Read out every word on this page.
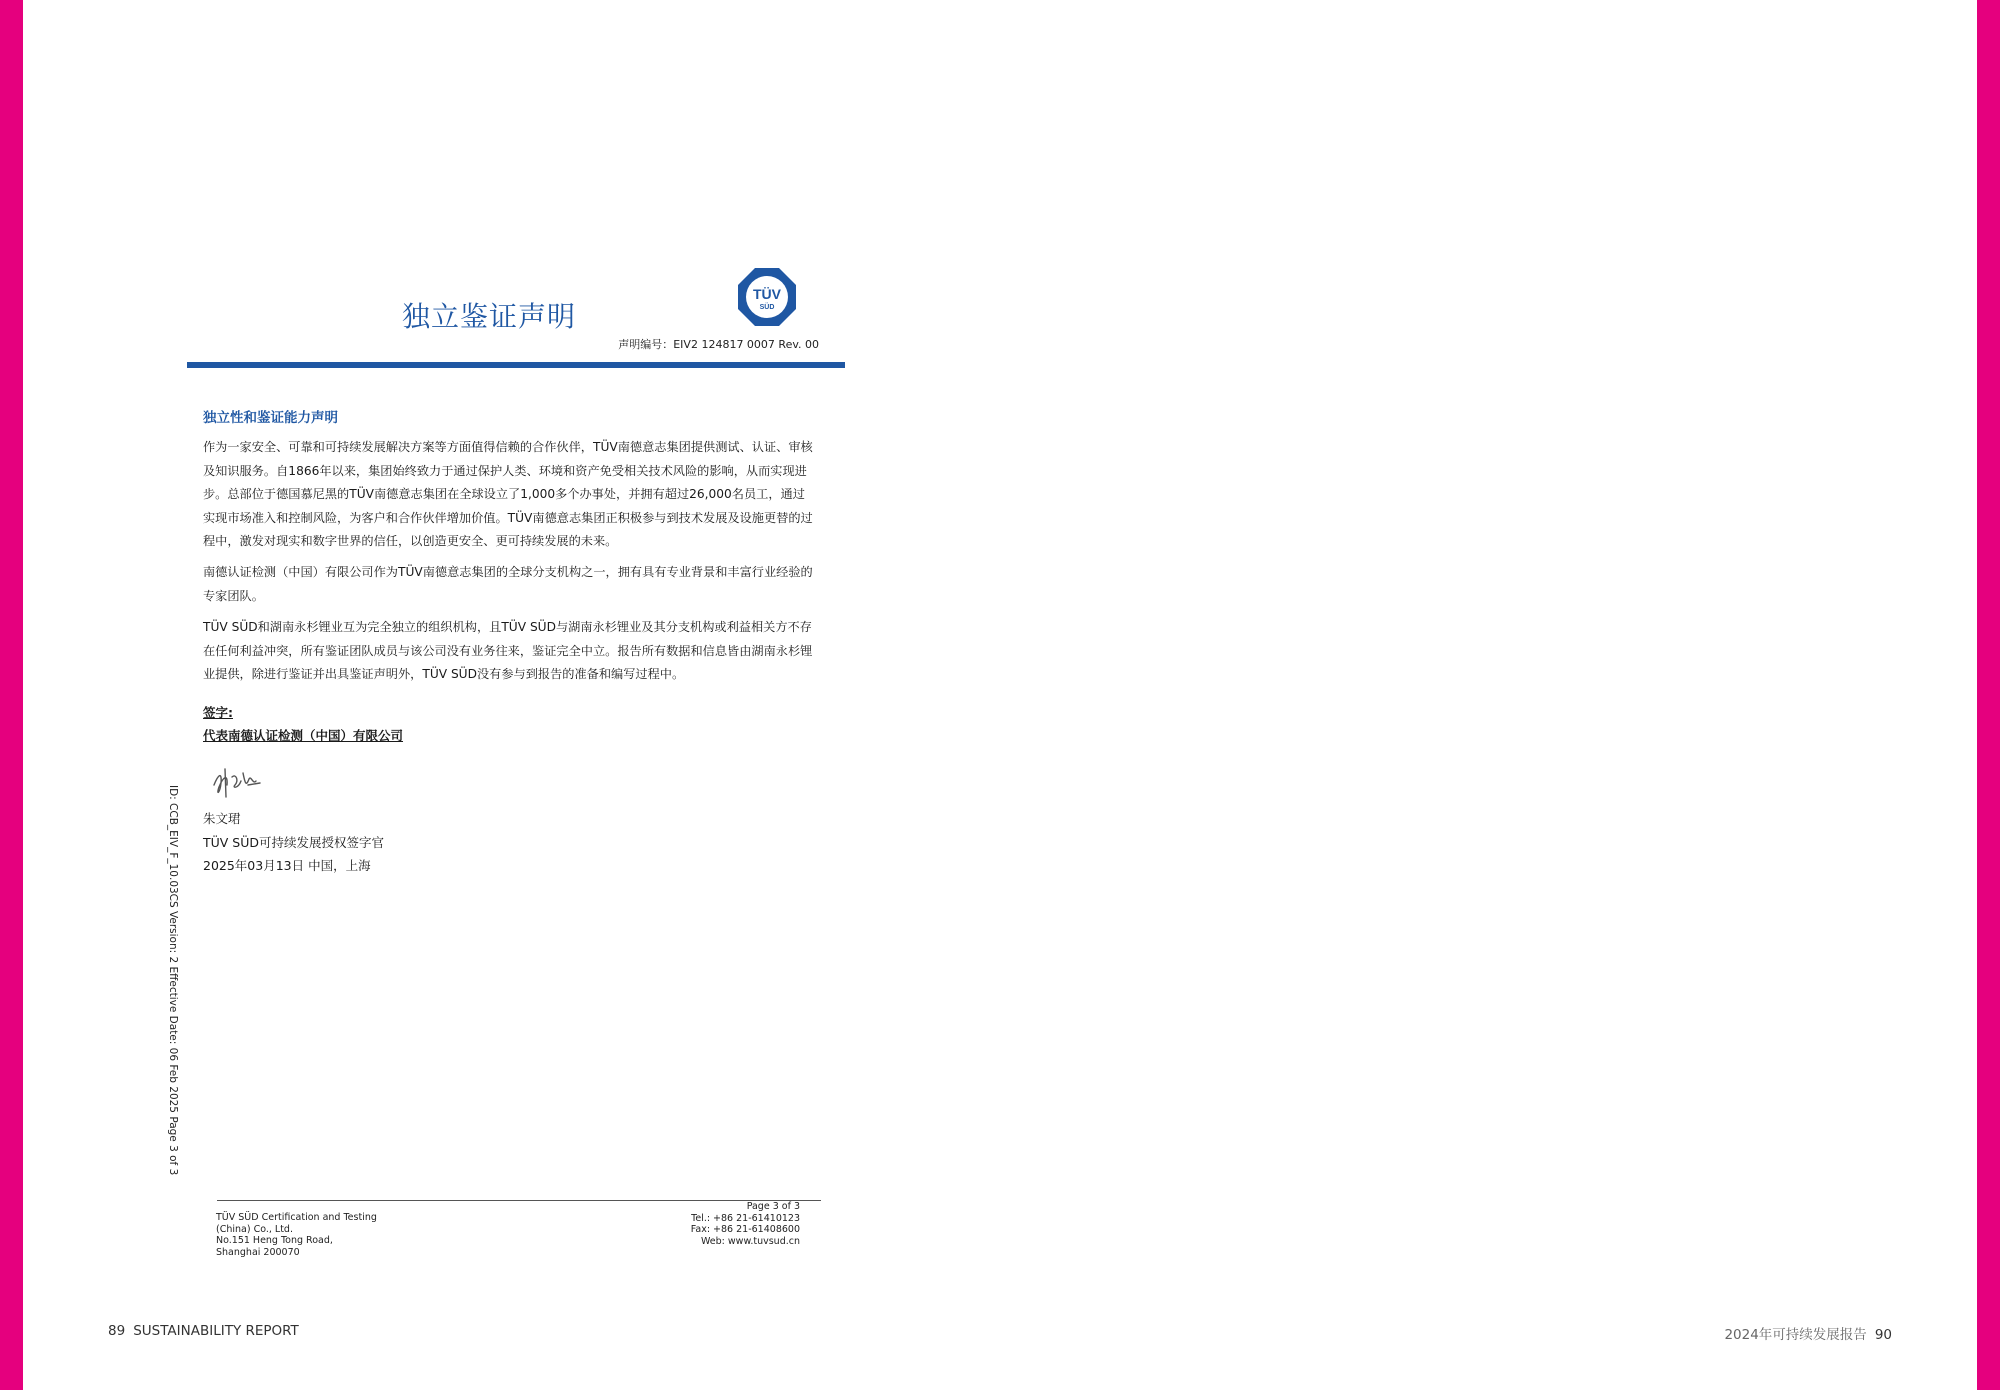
独立鉴证声明
TÜV
SÜD
声明编号：EIV2 124817 0007 Rev. 00
独立性和鉴证能力声明
作为一家安全、可靠和可持续发展解决方案等方面值得信赖的合作伙伴，TÜV南德意志集团提供测试、认证、审核及知识服务。自1866年以来，集团始终致力于通过保护人类、环境和资产免受相关技术风险的影响，从而实现进步。总部位于德国慕尼黑的TÜV南德意志集团在全球设立了1,000多个办事处，并拥有超过26,000名员工，通过实现市场准入和控制风险，为客户和合作伙伴增加价值。TÜV南德意志集团正积极参与到技术发展及设施更替的过程中，激发对现实和数字世界的信任，以创造更安全、更可持续发展的未来。
南德认证检测（中国）有限公司作为TÜV南德意志集团的全球分支机构之一，拥有具有专业背景和丰富行业经验的专家团队。
TÜV SÜD和湖南永杉锂业互为完全独立的组织机构，且TÜV SÜD与湖南永杉锂业及其分支机构或利益相关方不存在任何利益冲突，所有鉴证团队成员与该公司没有业务往来，鉴证完全中立。报告所有数据和信息皆由湖南永杉锂业提供，除进行鉴证并出具鉴证声明外，TÜV SÜD没有参与到报告的准备和编写过程中。
签字:
代表南德认证检测（中国）有限公司
朱文珺
TÜV SÜD可持续发展授权签字官
2025年03月13日 中国，上海
ID: CCB_EIV_F_10.03CS Version: 2 Effective Date: 06 Feb 2025 Page 3 of 3
TÜV SÜD Certification and Testing
(China) Co., Ltd.
No.151 Heng Tong Road,
Shanghai 200070
Page 3 of 3
Tel.: +86 21-61410123
Fax: +86 21-61408600
Web: www.tuvsud.cn
89 SUSTAINABILITY REPORT	2024年可持续发展报告 90
